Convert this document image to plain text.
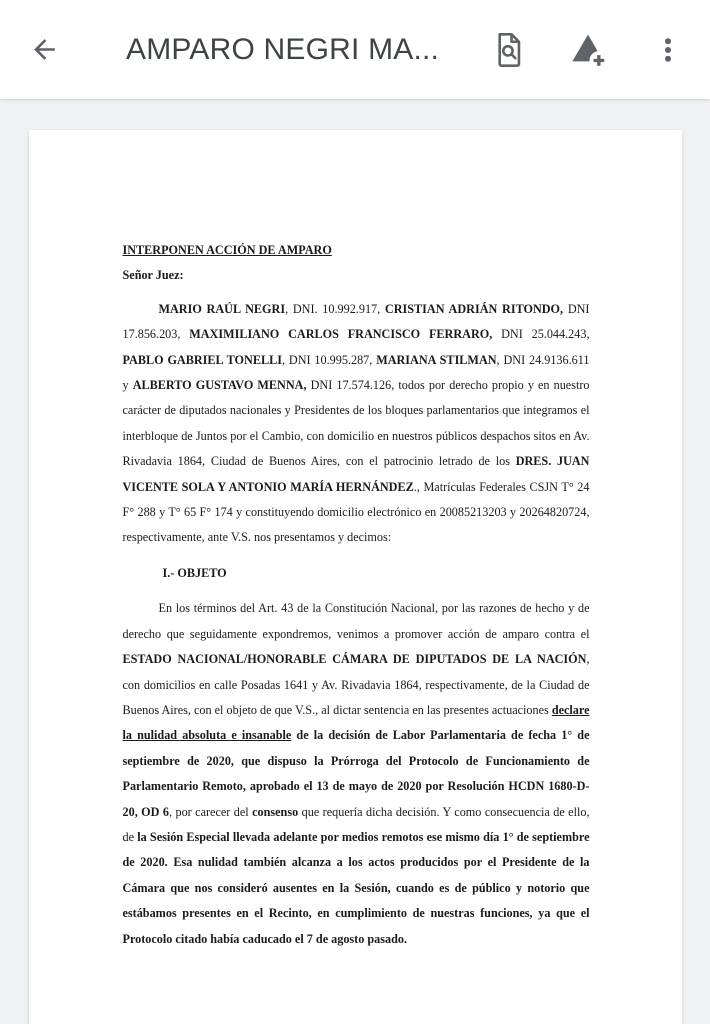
AMPARO NEGRI MA...

INTERPONEN ACCIÓN DE AMPARO

Señor Juez:

MARIO RAÚL NEGRI, DNI. 10.992.917, CRISTIAN ADRIÁN RITONDO, DNI 17.856.203, MAXIMILIANO CARLOS FRANCISCO FERRARO, DNI 25.044.243, PABLO GABRIEL TONELLI, DNI 10.995.287, MARIANA STILMAN, DNI 24.9136.611 y ALBERTO GUSTAVO MENNA, DNI 17.574.126, todos por derecho propio y en nuestro carácter de diputados nacionales y Presidentes de los bloques parlamentarios que integramos el interbloque de Juntos por el Cambio, con domicilio en nuestros públicos despachos sitos en Av. Rivadavia 1864, Ciudad de Buenos Aires, con el patrocinio letrado de los DRES. JUAN VICENTE SOLA Y ANTONIO MARÍA HERNÁNDEZ., Matrículas Federales CSJN T° 24 F° 288 y T° 65 F° 174 y constituyendo domicilio electrónico en 20085213203 y 20264820724, respectivamente, ante V.S. nos presentamos y decimos:

I.- OBJETO

En los términos del Art. 43 de la Constitución Nacional, por las razones de hecho y de derecho que seguidamente expondremos, venimos a promover acción de amparo contra el ESTADO NACIONAL/HONORABLE CÁMARA DE DIPUTADOS DE LA NACIÓN, con domicilios en calle Posadas 1641 y Av. Rivadavia 1864, respectivamente, de la Ciudad de Buenos Aires, con el objeto de que V.S., al dictar sentencia en las presentes actuaciones declare la nulidad absoluta e insanable de la decisión de Labor Parlamentaria de fecha 1° de septiembre de 2020, que dispuso la Prórroga del Protocolo de Funcionamiento de Parlamentario Remoto, aprobado el 13 de mayo de 2020 por Resolución HCDN 1680-D-20, OD 6, por carecer del consenso que requería dicha decisión. Y como consecuencia de ello, de la Sesión Especial llevada adelante por medios remotos ese mismo día 1° de septiembre de 2020. Esa nulidad también alcanza a los actos producidos por el Presidente de la Cámara que nos consideró ausentes en la Sesión, cuando es de público y notorio que estábamos presentes en el Recinto, en cumplimiento de nuestras funciones, ya que el Protocolo citado había caducado el 7 de agosto pasado.
